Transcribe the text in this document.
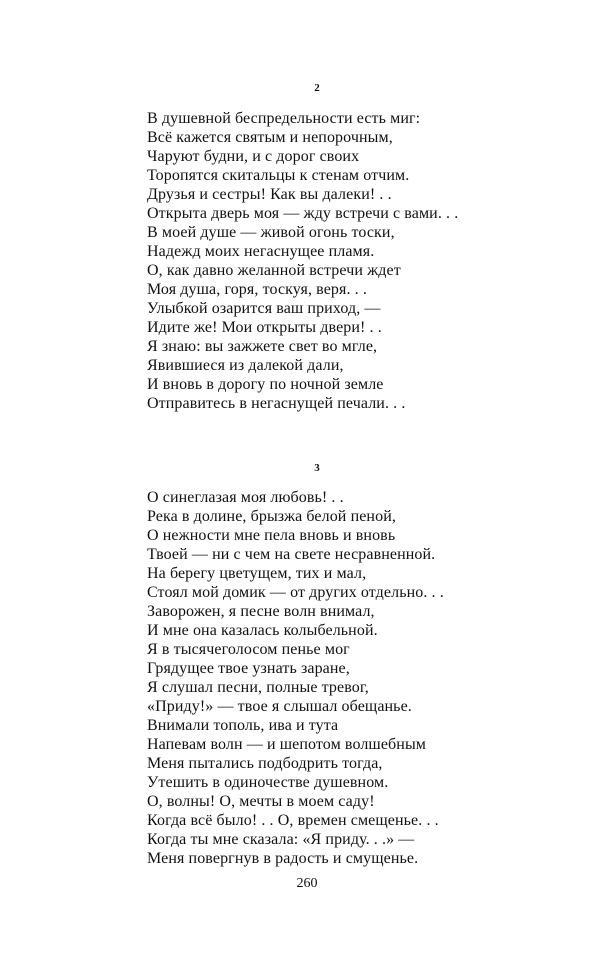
2
В душевной беспредельности есть миг:
Всё кажется святым и непорочным,
Чаруют будни, и с дорог своих
Торопятся скитальцы к стенам отчим.
Друзья и сестры! Как вы далеки! . .
Открыта дверь моя — жду встречи с вами. . .
В моей душе — живой огонь тоски,
Надежд моих негаснущее пламя.
О, как давно желанной встречи ждет
Моя душа, горя, тоскуя, веря. . .
Улыбкой озарится ваш приход, —
Идите же! Мои открыты двери! . .
Я знаю: вы зажжете свет во мгле,
Явившиеся из далекой дали,
И вновь в дорогу по ночной земле
Отправитесь в негаснущей печали. . .
3
О синеглазая моя любовь! . .
Река в долине, брызжа белой пеной,
О нежности мне пела вновь и вновь
Твоей — ни с чем на свете несравненной.
На берегу цветущем, тих и мал,
Стоял мой домик — от других отдельно. . .
Заворожен, я песне волн внимал,
И мне она казалась колыбельной.
Я в тысячеголосом пенье мог
Грядущее твое узнать заране,
Я слушал песни, полные тревог,
«Приду!» — твое я слышал обещанье.
Внимали тополь, ива и тута
Напевам волн — и шепотом волшебным
Меня пытались подбодрить тогда,
Утешить в одиночестве душевном.
О, волны! О, мечты в моем саду!
Когда всё было! . . О, времен смещенье. . .
Когда ты мне сказала: «Я приду. . .» —
Меня повергнув в радость и смущенье.
260
